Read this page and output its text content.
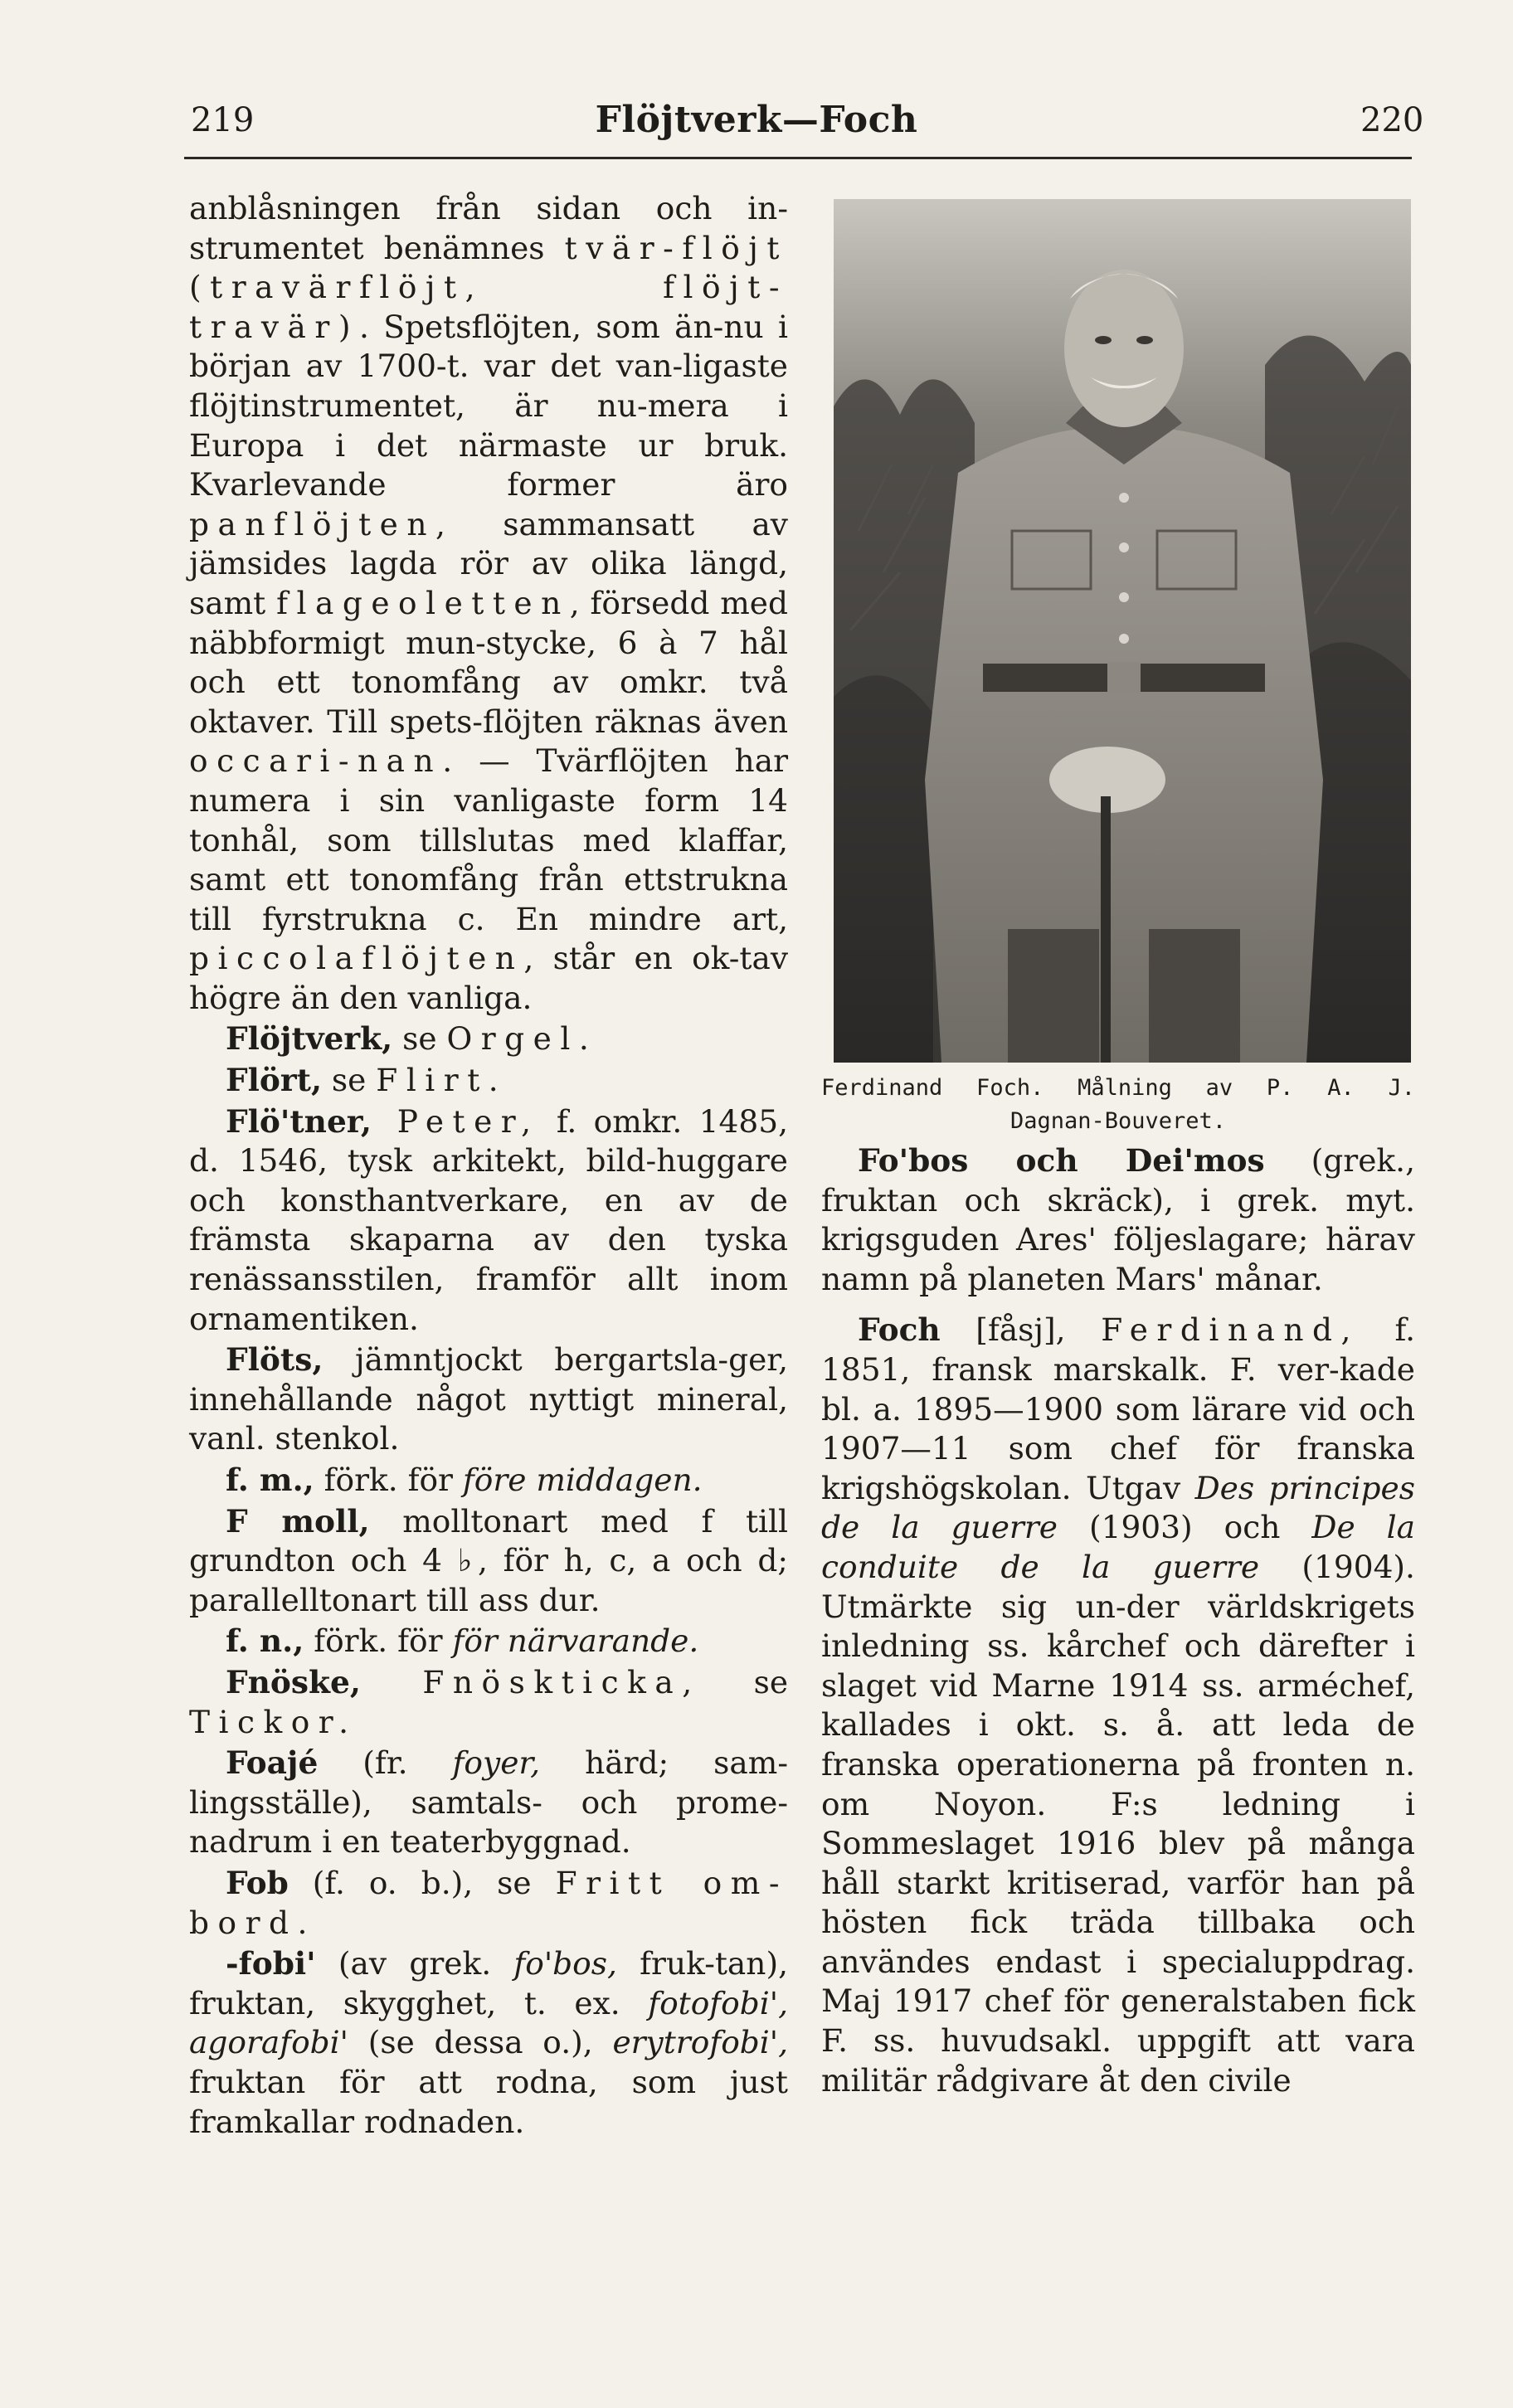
219	Flöjtverk—Foch	220

anblåsningen från sidan och in-strumentet benämnes tvär-flöjt (travärflöjt, flöjt-travär). Spetsflöjten, som än-nu i början av 1700-t. var det van-ligaste flöjtinstrumentet, är nu-mera i Europa i det närmaste ur bruk. Kvarlevande former äro panflöjten, sammansatt av jämsides lagda rör av olika längd, samt flageoletten, försedd med näbbformigt mun-stycke, 6 à 7 hål och ett tonomfång av omkr. två oktaver. Till spets-flöjten räknas även occari-nan. — Tvärflöjten har numera i sin vanligaste form 14 tonhål, som tillslutas med klaffar, samt ett tonomfång från ettstrukna till fyrstrukna c. En mindre art, piccolaflöjten, står en ok-tav högre än den vanliga.

Flöjtverk, se Orgel.

Flört, se Flirt.

Flö'tner, Peter, f. omkr. 1485, d. 1546, tysk arkitekt, bild-huggare och konsthantverkare, en av de främsta skaparna av den tyska renässansstilen, framför allt inom ornamentiken.

Flöts, jämntjockt bergartsla-ger, innehållande något nyttigt mineral, vanl. stenkol.

f. m., förk. för före middagen.

F moll, molltonart med f till grundton och 4 ♭, för h, c, a och d; parallelltonart till ass dur.

f. n., förk. för för närvarande.

Fnöske, Fnöskticka, se Tickor.

Foajé (fr. foyer, härd; sam-lingsställe), samtals- och prome-nadrum i en teaterbyggnad.

Fob (f. o. b.), se Fritt om-bord.

-fobi' (av grek. fo'bos, fruk-tan), fruktan, skygghet, t. ex. fotofobi', agorafobi' (se dessa o.), erytrofobi', fruktan för att rodna, som just framkallar rodnaden.

Ferdinand Foch. Målning av P. A. J.
Dagnan-Bouveret.

Fo'bos och Dei'mos (grek., fruktan och skräck), i grek. myt. krigsguden Ares' följeslagare; härav namn på planeten Mars' månar.

Foch [fåsj], Ferdinand, f. 1851, fransk marskalk. F. ver-kade bl. a. 1895—1900 som lärare vid och 1907—11 som chef för franska krigshögskolan. Utgav Des principes de la guerre (1903) och De la conduite de la guerre (1904). Utmärkte sig un-der världskrigets inledning ss. kårchef och därefter i slaget vid Marne 1914 ss. arméchef, kallades i okt. s. å. att leda de franska operationerna på fronten n. om Noyon. F:s ledning i Sommeslaget 1916 blev på många håll starkt kritiserad, varför han på hösten fick träda tillbaka och användes endast i specialuppdrag. Maj 1917 chef för generalstaben fick F. ss. huvudsakl. uppgift att vara militär rådgivare åt den civile
